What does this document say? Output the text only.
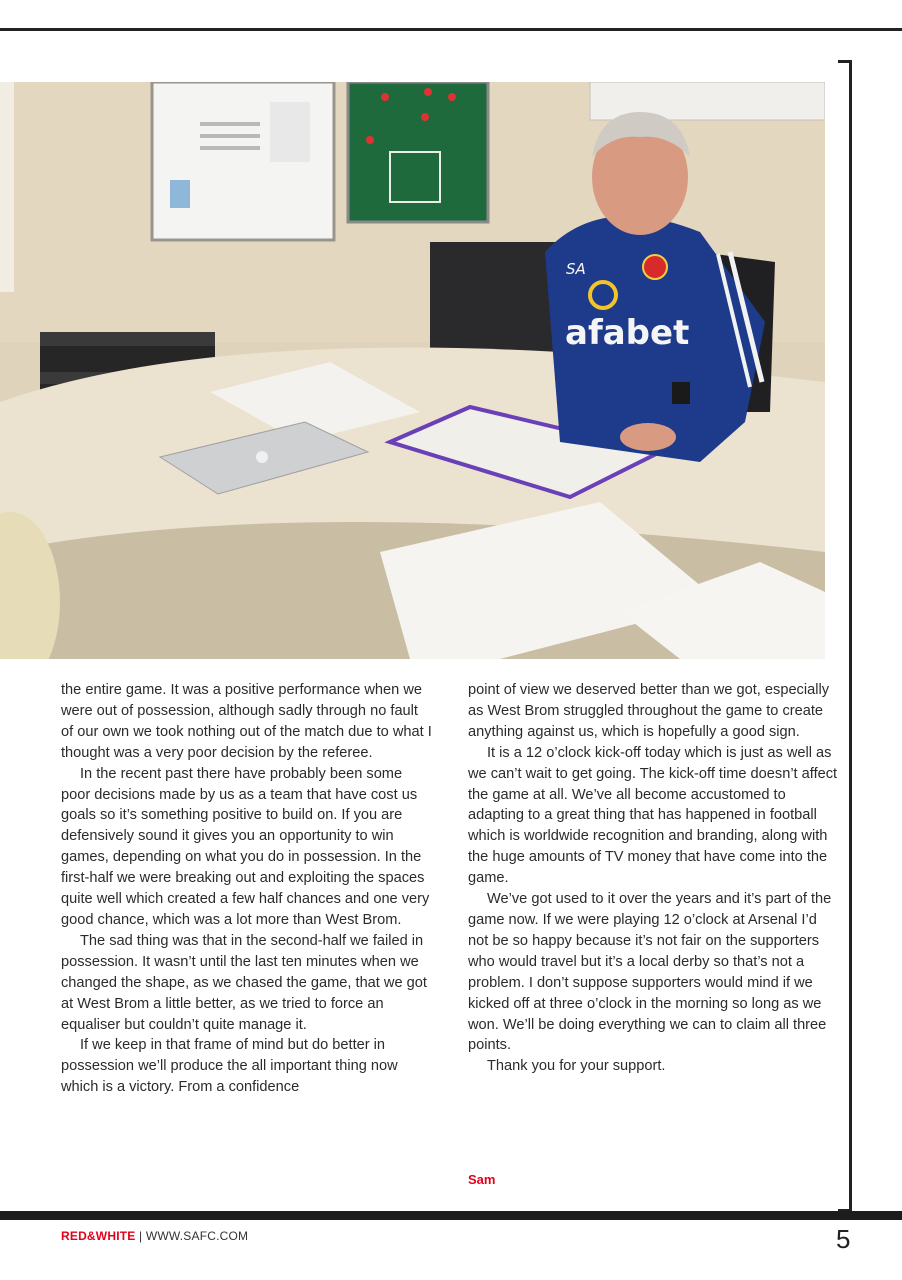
afabet
SA

the entire game. It was a positive performance when we were out of possession, although sadly through no fault of our own we took nothing out of the match due to what I thought was a very poor decision by the referee.

In the recent past there have probably been some poor decisions made by us as a team that have cost us goals so it’s something positive to build on. If you are defensively sound it gives you an opportunity to win games, depending on what you do in possession. In the first-half we were breaking out and exploiting the spaces quite well which created a few half chances and one very good chance, which was a lot more than West Brom.

The sad thing was that in the second-half we failed in possession. It wasn’t until the last ten minutes when we changed the shape, as we chased the game, that we got at West Brom a little better, as we tried to force an equaliser but couldn’t quite manage it.

If we keep in that frame of mind but do better in possession we’ll produce the all important thing now which is a victory. From a confidence

point of view we deserved better than we got, especially as West Brom struggled throughout the game to create anything against us, which is hopefully a good sign.

It is a 12 o’clock kick-off today which is just as well as we can’t wait to get going. The kick-off time doesn’t affect the game at all. We’ve all become accustomed to adapting to a great thing that has happened in football which is worldwide recognition and branding, along with the huge amounts of TV money that have come into the game.

We’ve got used to it over the years and it’s part of the game now. If we were playing 12 o’clock at Arsenal I’d not be so happy because it’s not fair on the supporters who would travel but it’s a local derby so that’s not a problem. I don’t suppose supporters would mind if we kicked off at three o’clock in the morning so long as we won. We’ll be doing everything we can to claim all three points.

Thank you for your support.

Sam
RED&WHITE | WWW.SAFC.COM	5
